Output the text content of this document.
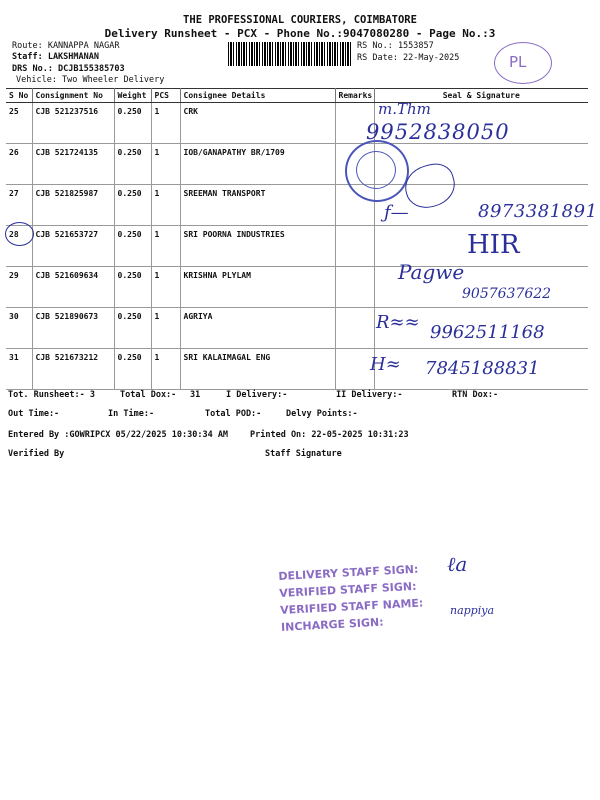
THE PROFESSIONAL COURIERS, COIMBATORE
Delivery Runsheet - PCX - Phone No.:9047080280 - Page No.:3
Route: KANNAPPA NAGAR
Staff: LAKSHMANAN
DRS No.: DCJB155385703
Vehicle: Two Wheeler Delivery
RS No.: 1553857
RS Date: 22-May-2025	PL
S No	Consignment No	Weight	PCS	Consignee Details	Remarks	Seal & Signature
25	CJB 521237516	0.250	1	CRK		
26	CJB 521724135	0.250	1	IOB/GANAPATHY BR/1709		
27	CJB 521825987	0.250	1	SREEMAN TRANSPORT		
28	CJB 521653727	0.250	1	SRI POORNA INDUSTRIES		
29	CJB 521609634	0.250	1	KRISHNA PLYLAM		
30	CJB 521890673	0.250	1	AGRIYA		
31	CJB 521673212	0.250	1	SRI KALAIMAGAL ENG		
m.Thm
9952838050
ƒ—	8973381891
HIR
Pagwe
9057637622
R≈≈ 9962511168
H≈ 7845188831
Tot. Runsheet:- 3	Total Dox:- 31	I Delivery:-	II Delivery:-	RTN Dox:-
Out Time:-	In Time:-	Total POD:-	Delvy Points:-
Entered By :GOWRIPCX 05/22/2025 10:30:34 AM	Printed On: 22-05-2025 10:31:23
Verified By	Staff Signature
DELIVERY STAFF SIGN:
VERIFIED STAFF SIGN:
VERIFIED STAFF NAME:
INCHARGE SIGN:
ℓa
nappiya
